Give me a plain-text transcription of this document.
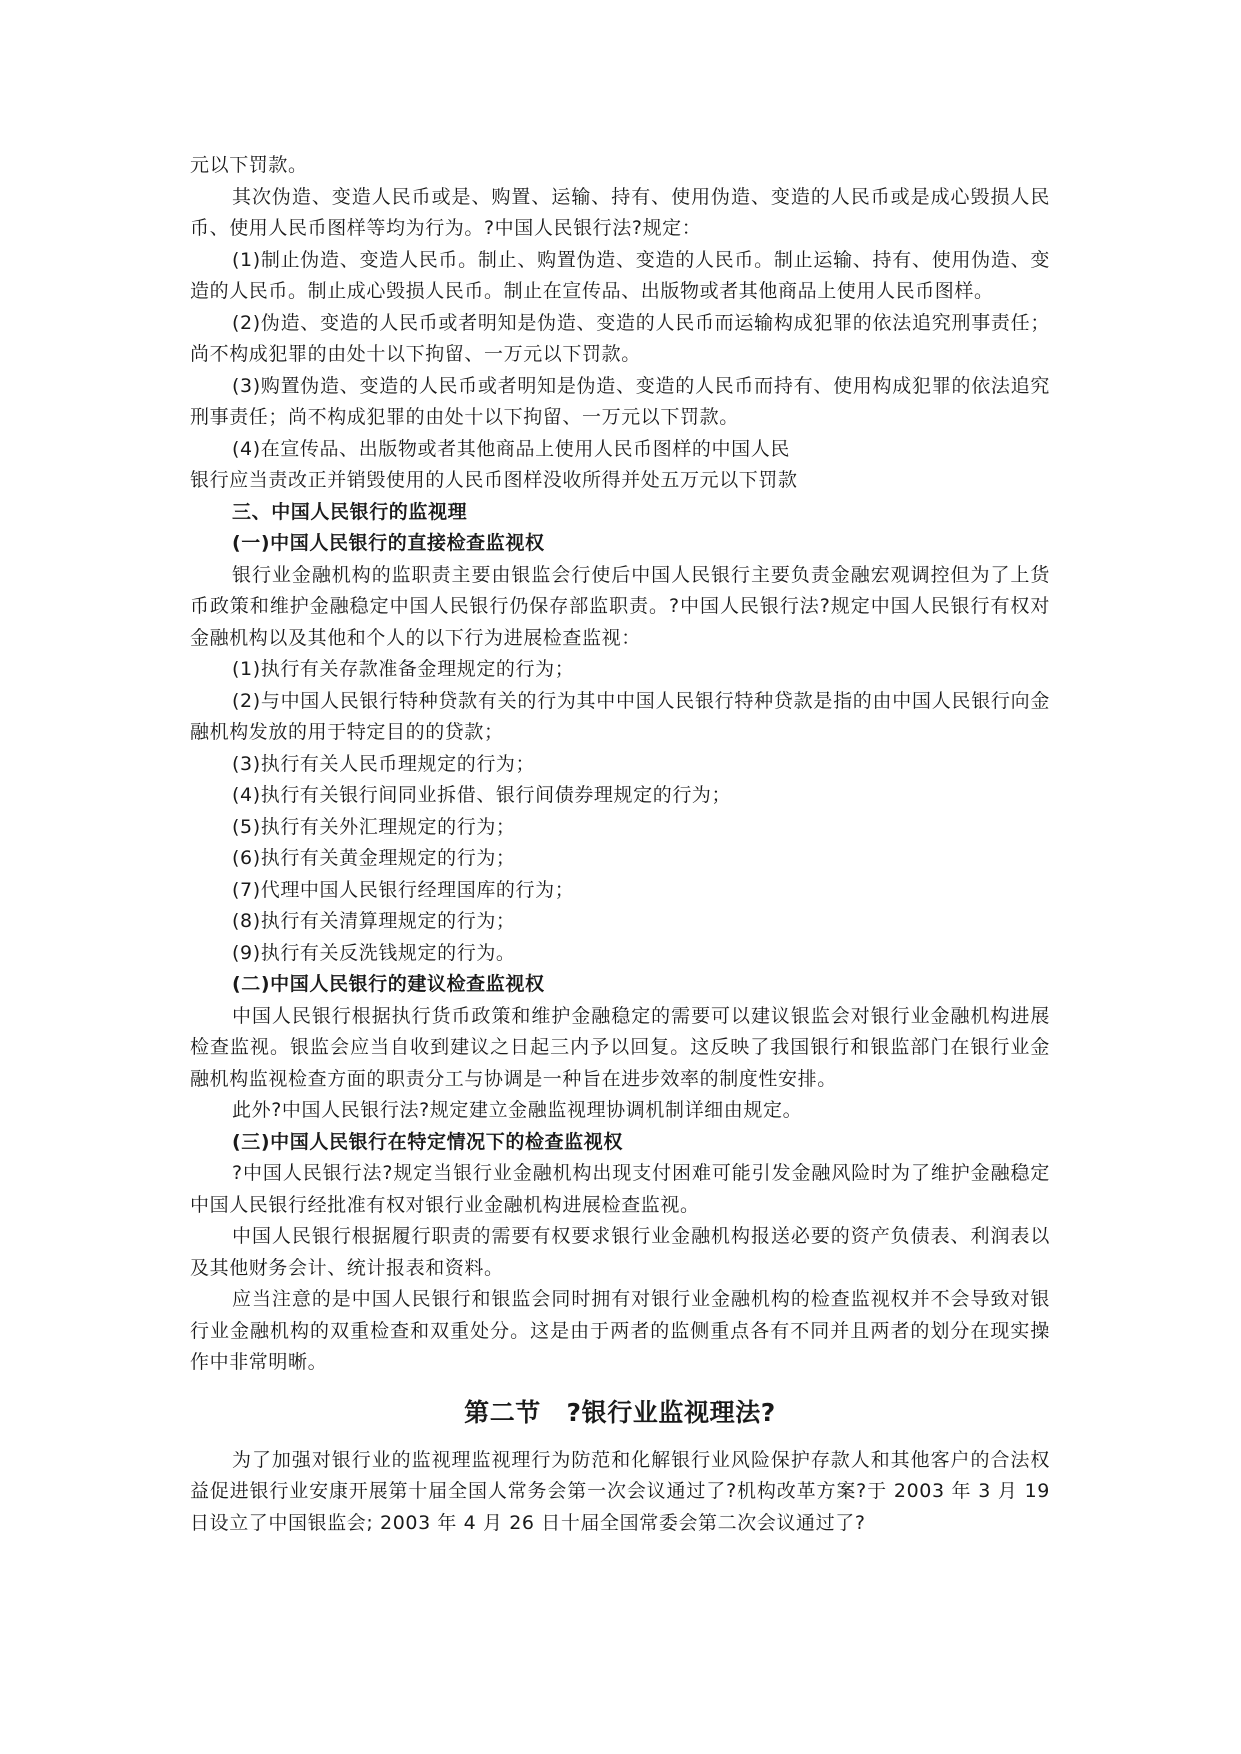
元以下罚款。

其次伪造、变造人民币或是、购置、运输、持有、使用伪造、变造的人民币或是成心毁损人民币、使用人民币图样等均为行为。?中国人民银行法?规定：

(1)制止伪造、变造人民币。制止、购置伪造、变造的人民币。制止运输、持有、使用伪造、变造的人民币。制止成心毁损人民币。制止在宣传品、出版物或者其他商品上使用人民币图样。

(2)伪造、变造的人民币或者明知是伪造、变造的人民币而运输构成犯罪的依法追究刑事责任；尚不构成犯罪的由处十以下拘留、一万元以下罚款。

(3)购置伪造、变造的人民币或者明知是伪造、变造的人民币而持有、使用构成犯罪的依法追究刑事责任；尚不构成犯罪的由处十以下拘留、一万元以下罚款。

(4)在宣传品、出版物或者其他商品上使用人民币图样的中国人民

银行应当责改正并销毁使用的人民币图样没收所得并处五万元以下罚款

三、中国人民银行的监视理

(一)中国人民银行的直接检查监视权

银行业金融机构的监职责主要由银监会行使后中国人民银行主要负责金融宏观调控但为了上货币政策和维护金融稳定中国人民银行仍保存部监职责。?中国人民银行法?规定中国人民银行有权对金融机构以及其他和个人的以下行为进展检查监视：

(1)执行有关存款准备金理规定的行为；

(2)与中国人民银行特种贷款有关的行为其中中国人民银行特种贷款是指的由中国人民银行向金融机构发放的用于特定目的的贷款；

(3)执行有关人民币理规定的行为；

(4)执行有关银行间同业拆借、银行间债券理规定的行为；

(5)执行有关外汇理规定的行为；

(6)执行有关黄金理规定的行为；

(7)代理中国人民银行经理国库的行为；

(8)执行有关清算理规定的行为；

(9)执行有关反洗钱规定的行为。

(二)中国人民银行的建议检查监视权

中国人民银行根据执行货币政策和维护金融稳定的需要可以建议银监会对银行业金融机构进展检查监视。银监会应当自收到建议之日起三内予以回复。这反映了我国银行和银监部门在银行业金融机构监视检查方面的职责分工与协调是一种旨在进步效率的制度性安排。

此外?中国人民银行法?规定建立金融监视理协调机制详细由规定。

(三)中国人民银行在特定情况下的检查监视权

?中国人民银行法?规定当银行业金融机构出现支付困难可能引发金融风险时为了维护金融稳定中国人民银行经批准有权对银行业金融机构进展检查监视。

中国人民银行根据履行职责的需要有权要求银行业金融机构报送必要的资产负债表、利润表以及其他财务会计、统计报表和资料。

应当注意的是中国人民银行和银监会同时拥有对银行业金融机构的检查监视权并不会导致对银行业金融机构的双重检查和双重处分。这是由于两者的监侧重点各有不同并且两者的划分在现实操作中非常明晰。

第二节　?银行业监视理法?

为了加强对银行业的监视理监视理行为防范和化解银行业风险保护存款人和其他客户的合法权益促进银行业安康开展第十届全国人常务会第一次会议通过了?机构改革方案?于 2003 年 3 月 19 日设立了中国银监会; 2003 年 4 月 26 日十届全国常委会第二次会议通过了?
